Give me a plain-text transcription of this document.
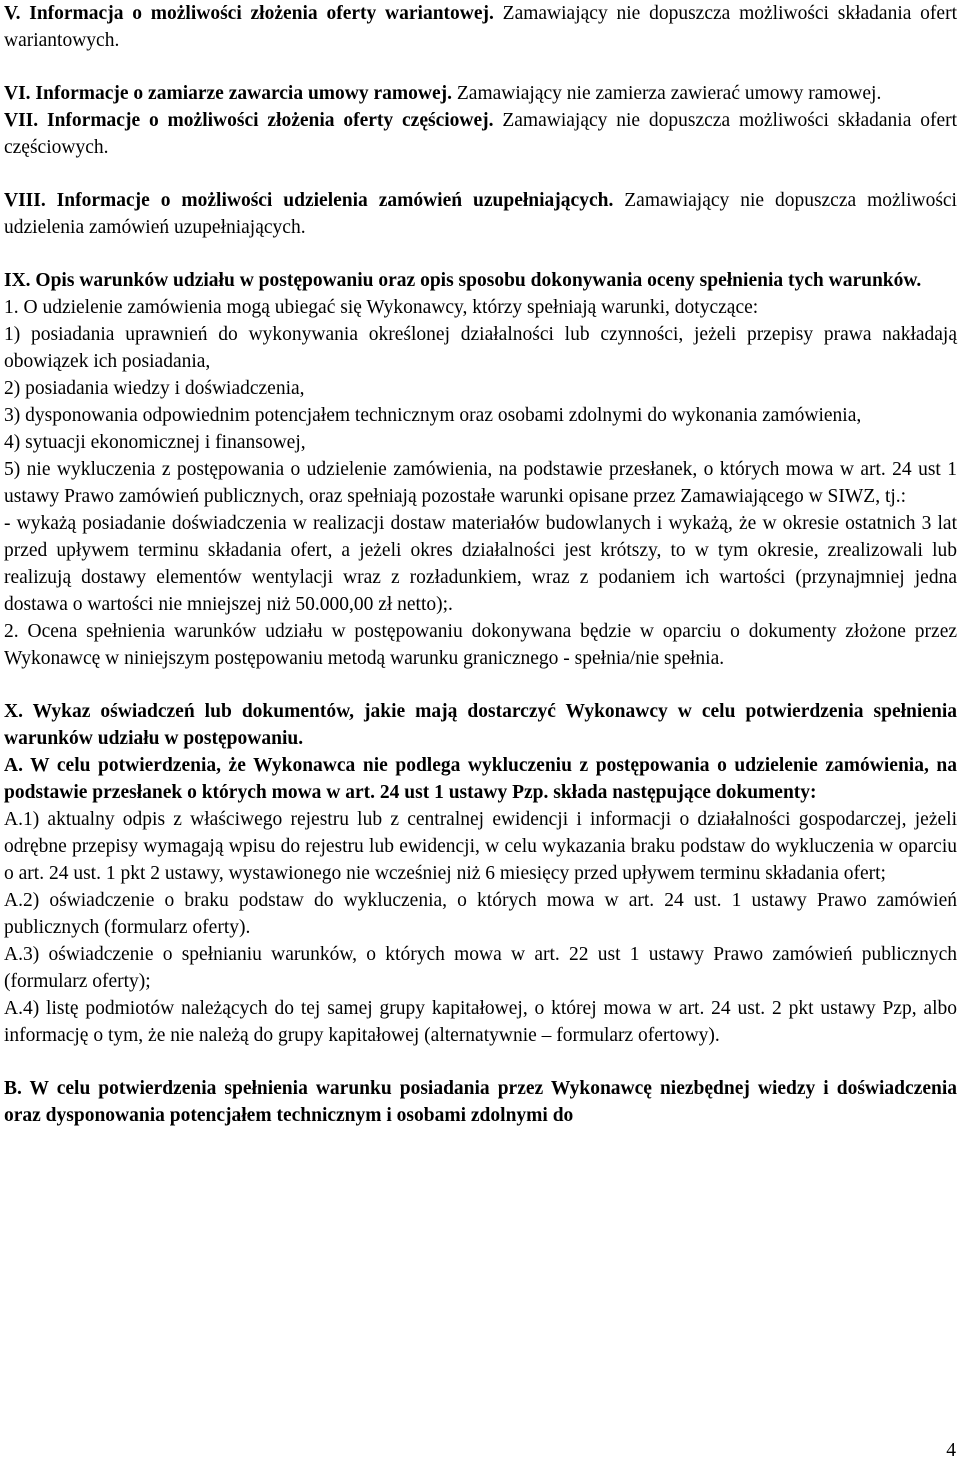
V. Informacja o możliwości złożenia oferty wariantowej. Zamawiający nie dopuszcza możliwości składania ofert wariantowych.

VI. Informacje o zamiarze zawarcia umowy ramowej. Zamawiający nie zamierza zawierać umowy ramowej.

VII. Informacje o możliwości złożenia oferty częściowej. Zamawiający nie dopuszcza możliwości składania ofert częściowych.

VIII. Informacje o możliwości udzielenia zamówień uzupełniających. Zamawiający nie dopuszcza możliwości udzielenia zamówień uzupełniających.

IX. Opis warunków udziału w postępowaniu oraz opis sposobu dokonywania oceny spełnienia tych warunków.

1. O udzielenie zamówienia mogą ubiegać się Wykonawcy, którzy spełniają warunki, dotyczące:

1) posiadania uprawnień do wykonywania określonej działalności lub czynności, jeżeli przepisy prawa nakładają obowiązek ich posiadania,

2) posiadania wiedzy i doświadczenia,

3) dysponowania odpowiednim potencjałem technicznym oraz osobami zdolnymi do wykonania zamówienia,

4) sytuacji ekonomicznej i finansowej,

5) nie wykluczenia z postępowania o udzielenie zamówienia, na podstawie przesłanek, o których mowa w art. 24 ust 1 ustawy Prawo zamówień publicznych, oraz spełniają pozostałe warunki opisane przez Zamawiającego w SIWZ, tj.:

- wykażą posiadanie doświadczenia w realizacji dostaw materiałów budowlanych i wykażą, że w okresie ostatnich 3 lat przed upływem terminu składania ofert, a jeżeli okres działalności jest krótszy, to w tym okresie, zrealizowali lub realizują dostawy elementów wentylacji wraz z rozładunkiem, wraz z podaniem ich wartości (przynajmniej jedna dostawa o wartości nie mniejszej niż 50.000,00 zł netto);.

2. Ocena spełnienia warunków udziału w postępowaniu dokonywana będzie w oparciu o dokumenty złożone przez Wykonawcę w niniejszym postępowaniu metodą warunku granicznego - spełnia/nie spełnia.

X. Wykaz oświadczeń lub dokumentów, jakie mają dostarczyć Wykonawcy w celu potwierdzenia spełnienia warunków udziału w postępowaniu.

A. W celu potwierdzenia, że Wykonawca nie podlega wykluczeniu z postępowania o udzielenie zamówienia, na podstawie przesłanek o których mowa w art. 24 ust 1 ustawy Pzp. składa następujące dokumenty:

A.1) aktualny odpis z właściwego rejestru lub z centralnej ewidencji i informacji o działalności gospodarczej, jeżeli odrębne przepisy wymagają wpisu do rejestru lub ewidencji, w celu wykazania braku podstaw do wykluczenia w oparciu o art. 24 ust. 1 pkt 2 ustawy, wystawionego nie wcześniej niż 6 miesięcy przed upływem terminu składania ofert;

A.2) oświadczenie o braku podstaw do wykluczenia, o których mowa w art. 24 ust. 1 ustawy Prawo zamówień publicznych (formularz oferty).

A.3) oświadczenie o spełnianiu warunków, o których mowa w art. 22 ust 1 ustawy Prawo zamówień publicznych (formularz oferty);

A.4) listę podmiotów należących do tej samej grupy kapitałowej, o której mowa w art. 24 ust. 2 pkt ustawy Pzp, albo informację o tym, że nie należą do grupy kapitałowej (alternatywnie – formularz ofertowy).

B. W celu potwierdzenia spełnienia warunku posiadania przez Wykonawcę niezbędnej wiedzy i doświadczenia oraz dysponowania potencjałem technicznym i osobami zdolnymi do

4
